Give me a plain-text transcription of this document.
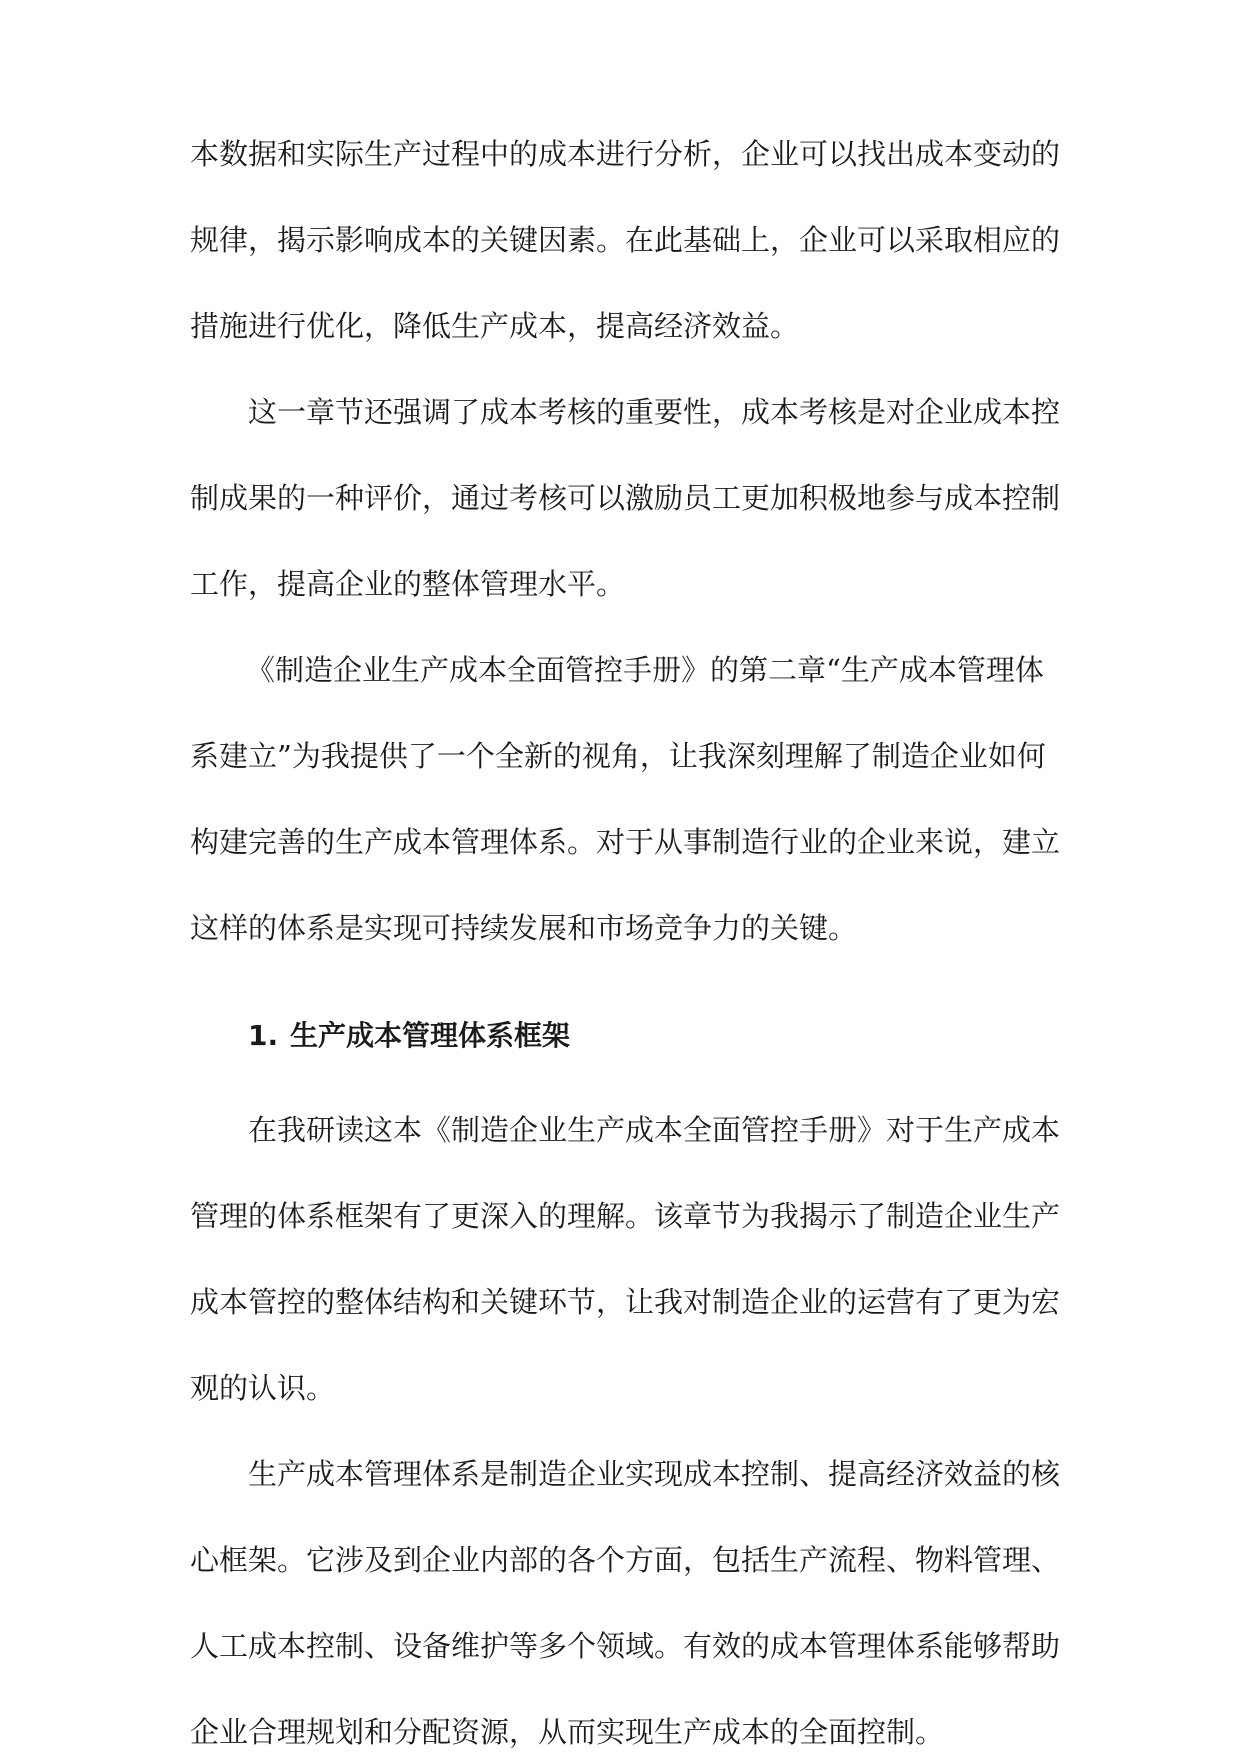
本数据和实际生产过程中的成本进行分析，企业可以找出成本变动的

规律，揭示影响成本的关键因素。在此基础上，企业可以采取相应的

措施进行优化，降低生产成本，提高经济效益。

这一章节还强调了成本考核的重要性，成本考核是对企业成本控

制成果的一种评价，通过考核可以激励员工更加积极地参与成本控制

工作，提高企业的整体管理水平。

《制造企业生产成本全面管控手册》的第二章“生产成本管理体

系建立”为我提供了一个全新的视角，让我深刻理解了制造企业如何

构建完善的生产成本管理体系。对于从事制造行业的企业来说，建立

这样的体系是实现可持续发展和市场竞争力的关键。

1. 生产成本管理体系框架

在我研读这本《制造企业生产成本全面管控手册》对于生产成本

管理的体系框架有了更深入的理解。该章节为我揭示了制造企业生产

成本管控的整体结构和关键环节，让我对制造企业的运营有了更为宏

观的认识。

生产成本管理体系是制造企业实现成本控制、提高经济效益的核

心框架。它涉及到企业内部的各个方面，包括生产流程、物料管理、

人工成本控制、设备维护等多个领域。有效的成本管理体系能够帮助

企业合理规划和分配资源，从而实现生产成本的全面控制。
